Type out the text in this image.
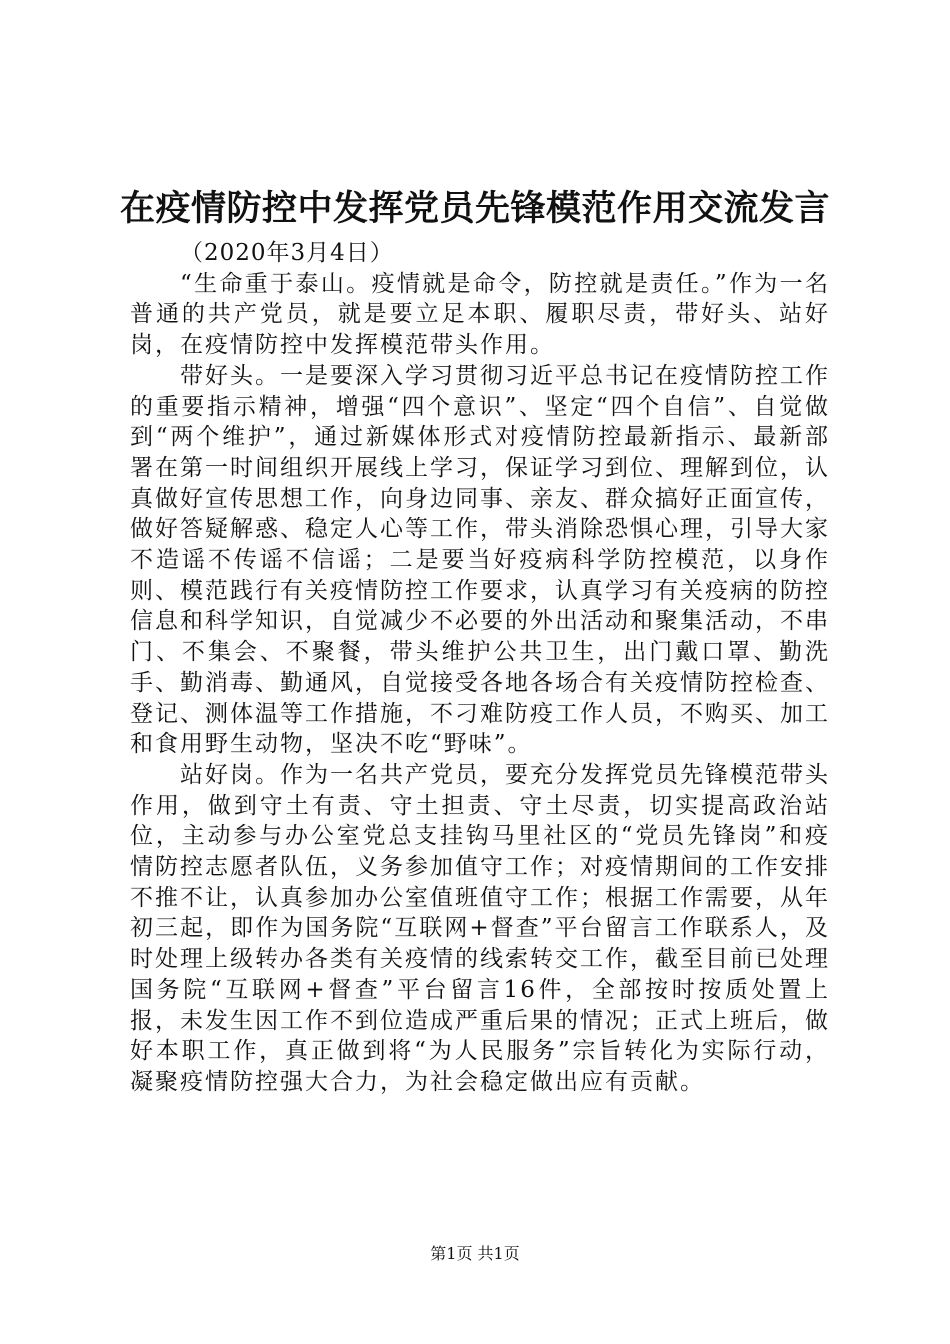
在疫情防控中发挥党员先锋模范作用交流发言

（2020年3月4日）

“生命重于泰山。疫情就是命令，防控就是责任。”作为一名普通的共产党员，就是要立足本职、履职尽责，带好头、站好岗，在疫情防控中发挥模范带头作用。

带好头。一是要深入学习贯彻习近平总书记在疫情防控工作的重要指示精神，增强“四个意识”、坚定“四个自信”、自觉做到“两个维护”，通过新媒体形式对疫情防控最新指示、最新部署在第一时间组织开展线上学习，保证学习到位、理解到位，认真做好宣传思想工作，向身边同事、亲友、群众搞好正面宣传，做好答疑解惑、稳定人心等工作，带头消除恐惧心理，引导大家不造谣不传谣不信谣；二是要当好疫病科学防控模范，以身作则、模范践行有关疫情防控工作要求，认真学习有关疫病的防控信息和科学知识，自觉减少不必要的外出活动和聚集活动，不串门、不集会、不聚餐，带头维护公共卫生，出门戴口罩、勤洗手、勤消毒、勤通风，自觉接受各地各场合有关疫情防控检查、登记、测体温等工作措施，不刁难防疫工作人员，不购买、加工和食用野生动物，坚决不吃“野味”。

站好岗。作为一名共产党员，要充分发挥党员先锋模范带头作用，做到守土有责、守土担责、守土尽责，切实提高政治站位，主动参与办公室党总支挂钩马里社区的“党员先锋岗”和疫情防控志愿者队伍，义务参加值守工作；对疫情期间的工作安排不推不让，认真参加办公室值班值守工作；根据工作需要，从年初三起，即作为国务院“互联网+督查”平台留言工作联系人，及时处理上级转办各类有关疫情的线索转交工作，截至目前已处理国务院“互联网+督查”平台留言16件，全部按时按质处置上报，未发生因工作不到位造成严重后果的情况；正式上班后，做好本职工作，真正做到将“为人民服务”宗旨转化为实际行动，凝聚疫情防控强大合力，为社会稳定做出应有贡献。

第1页 共1页
